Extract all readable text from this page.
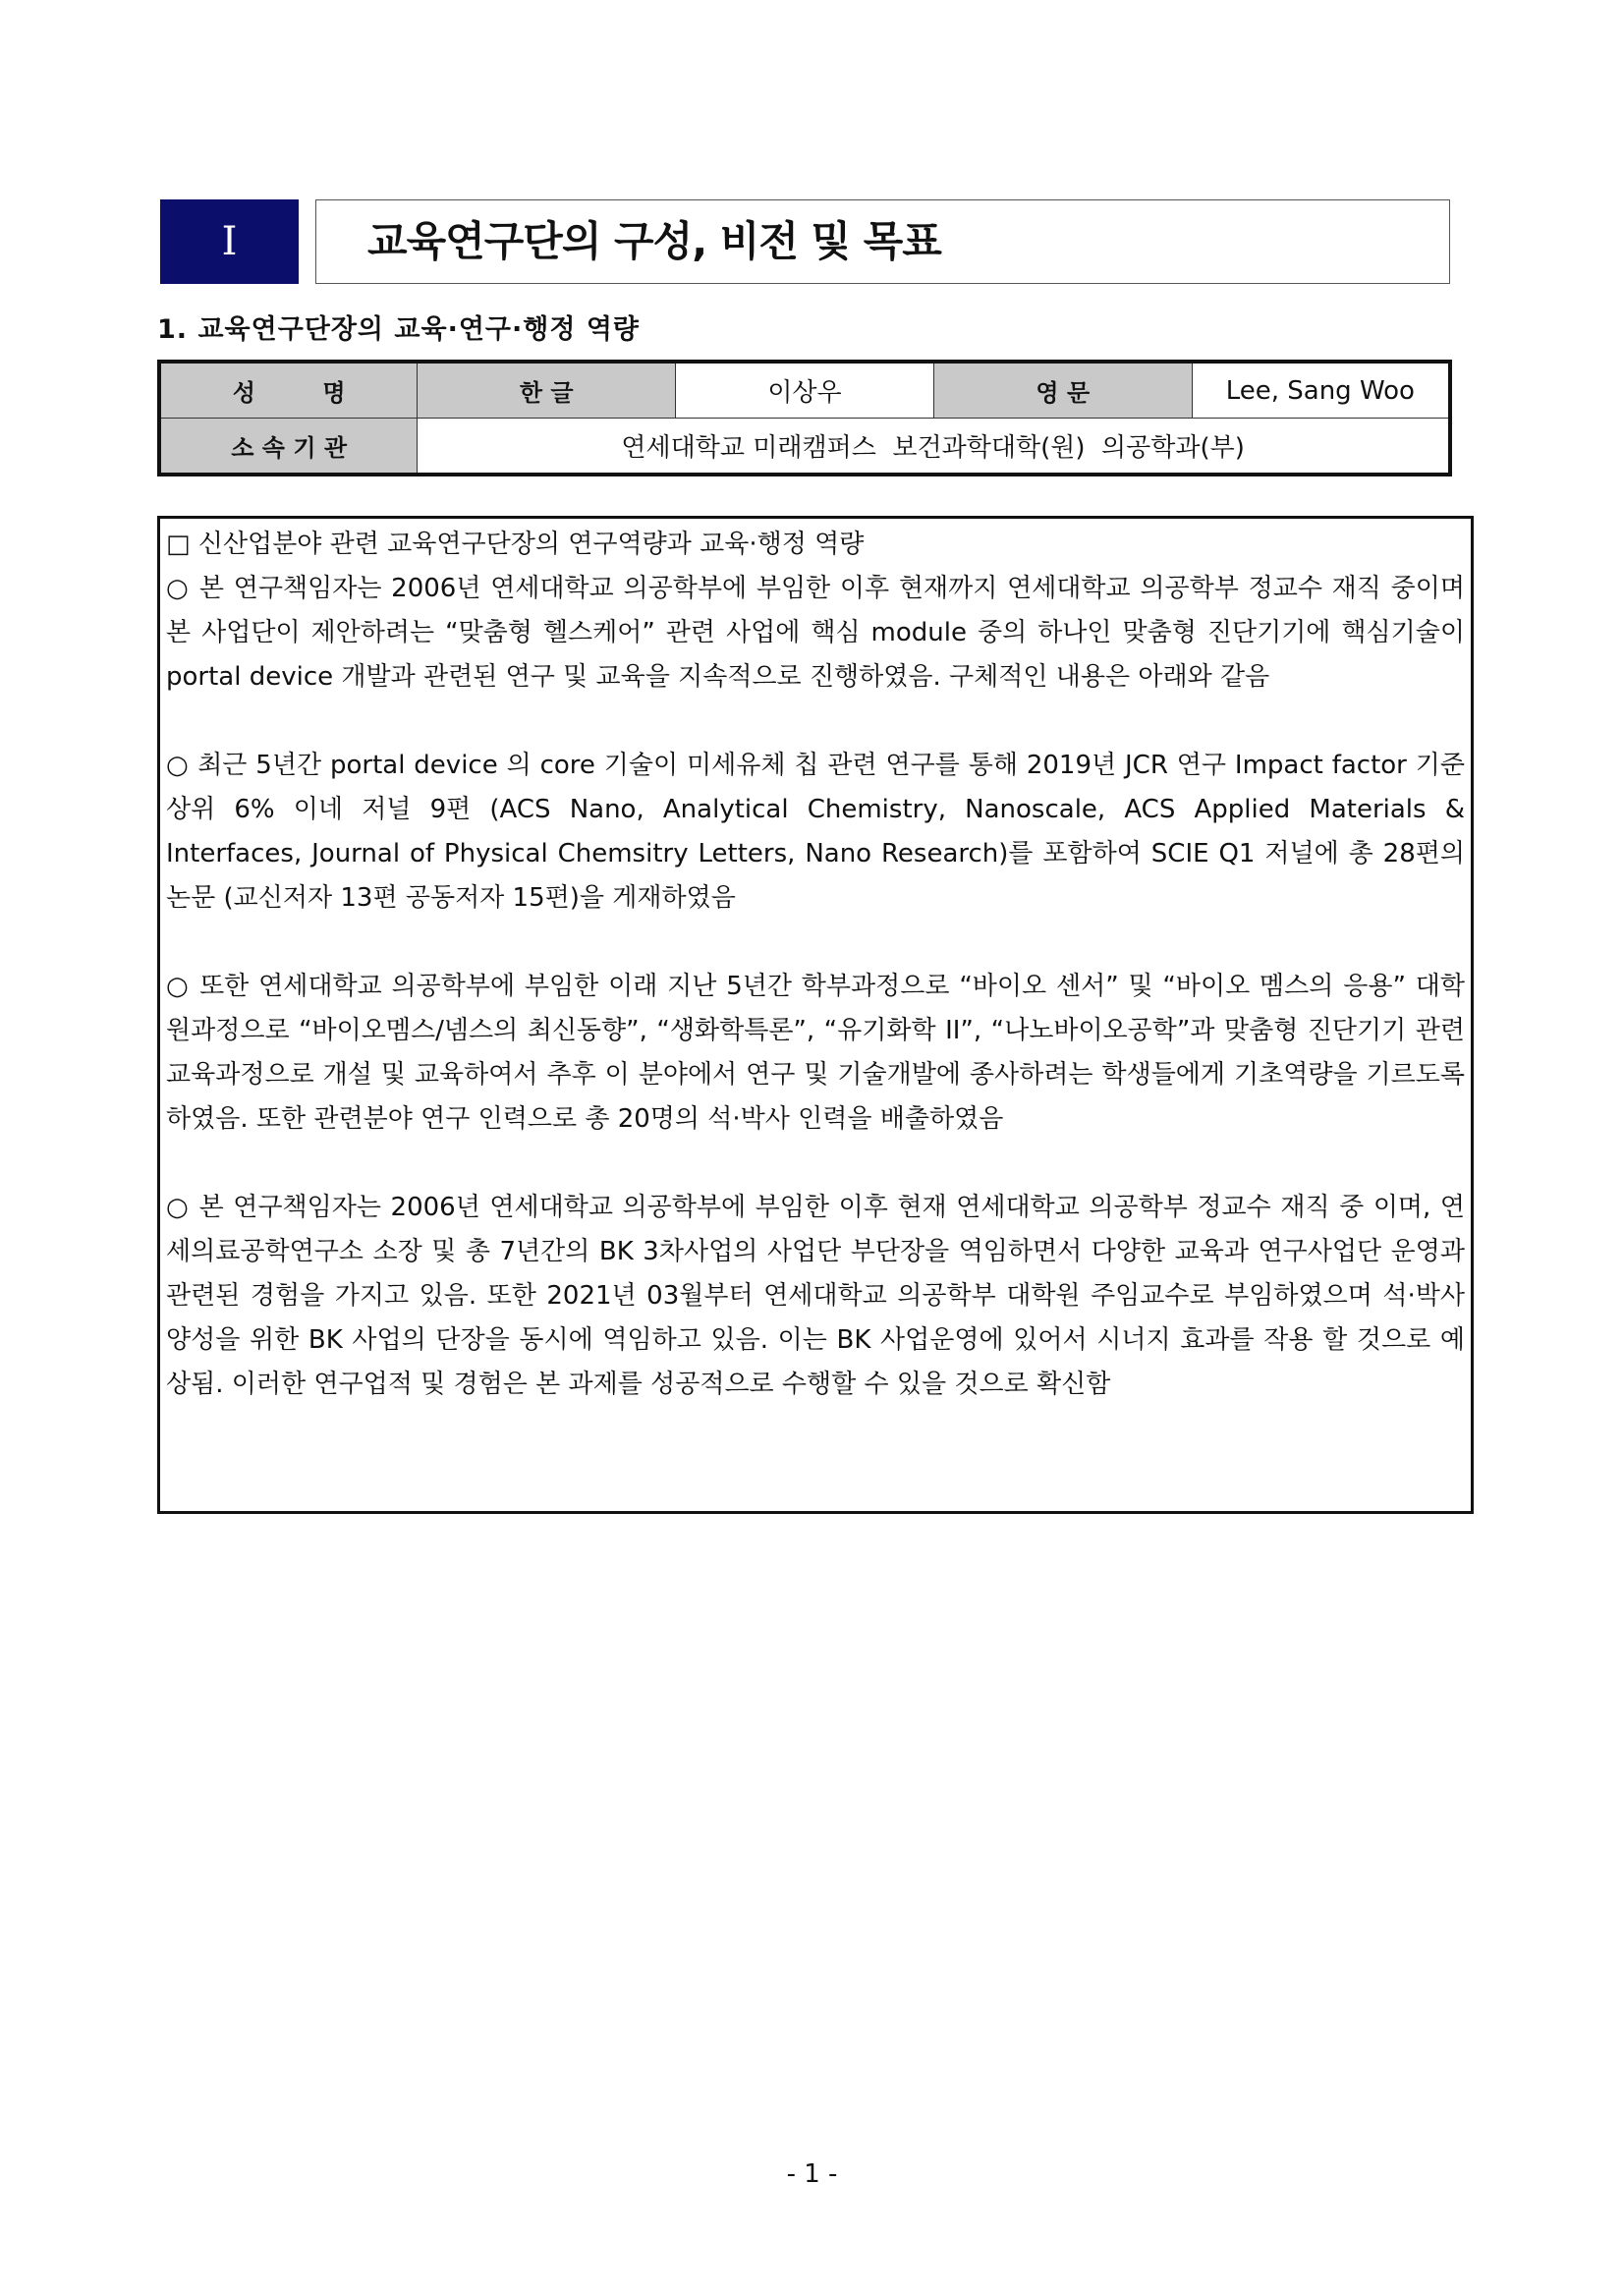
I	교육연구단의 구성, 비전 및 목표
1. 교육연구단장의 교육·연구·행정 역량
성 명	한 글	이상우	영 문	Lee, Sang Woo
소 속 기 관	연세대학교 미래캠퍼스  보건과학대학(원)  의공학과(부)			

□ 신산업분야 관련 교육연구단장의 연구역량과 교육·행정 역량

○ 본 연구책임자는 2006년 연세대학교 의공학부에 부임한 이후 현재까지 연세대학교 의공학부 정교수 재직 중이며 본 사업단이 제안하려는 “맞춤형 헬스케어” 관련 사업에 핵심 module 중의 하나인 맞춤형 진단기기에 핵심기술이 portal device 개발과 관련된 연구 및 교육을 지속적으로 진행하였음. 구체적인 내용은 아래와 같음

○ 최근 5년간 portal device 의 core 기술이 미세유체 칩 관련 연구를 통해 2019년 JCR 연구 Impact factor 기준 상위 6% 이네 저널 9편 (ACS Nano, Analytical Chemistry, Nanoscale, ACS Applied Materials & Interfaces, Journal of Physical Chemsitry Letters, Nano Research)를 포함하여 SCIE Q1 저널에 총 28편의 논문 (교신저자 13편 공동저자 15편)을 게재하였음

○ 또한 연세대학교 의공학부에 부임한 이래 지난 5년간 학부과정으로 “바이오 센서” 및 “바이오 멤스의 응용” 대학원과정으로 “바이오멤스/넴스의 최신동향”, “생화학특론”, “유기화학 II”, “나노바이오공학”과 맞춤형 진단기기 관련 교육과정으로 개설 및 교육하여서 추후 이 분야에서 연구 및 기술개발에 종사하려는 학생들에게 기초역량을 기르도록 하였음. 또한 관련분야 연구 인력으로 총 20명의 석·박사 인력을 배출하였음

○ 본 연구책임자는 2006년 연세대학교 의공학부에 부임한 이후 현재 연세대학교 의공학부 정교수 재직 중 이며, 연세의료공학연구소 소장 및 총 7년간의 BK 3차사업의 사업단 부단장을 역임하면서 다양한 교육과 연구사업단 운영과 관련된 경험을 가지고 있음. 또한 2021년 03월부터 연세대학교 의공학부 대학원 주임교수로 부임하였으며 석·박사 양성을 위한 BK 사업의 단장을 동시에 역임하고 있음. 이는 BK 사업운영에 있어서 시너지 효과를 작용 할 것으로 예상됨. 이러한 연구업적 및 경험은 본 과제를 성공적으로 수행할 수 있을 것으로 확신함

- 1 -
